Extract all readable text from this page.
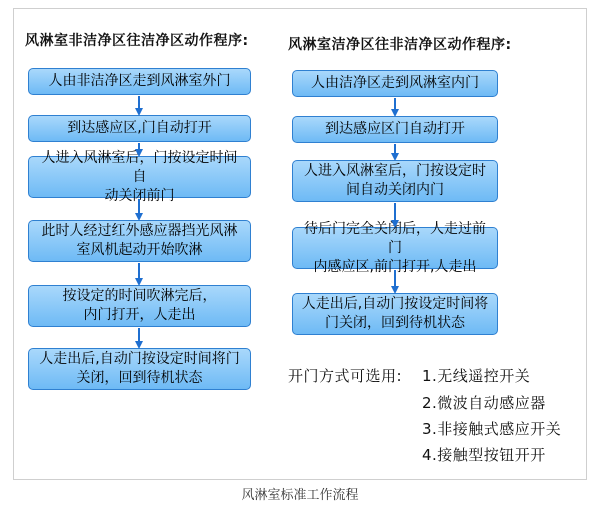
风淋室非洁净区往洁净区动作程序:	风淋室洁净区往非洁净区动作程序:
人由非洁净区走到风淋室外门
到达感应区,门自动打开
人进入风淋室后，门按设定时间自
动关闭前门
此时人经过红外感应器挡光风淋
室风机起动开始吹淋
按设定的时间吹淋完后，
内门打开，人走出
人走出后,自动门按设定时间将门
关闭，回到待机状态
人由洁净区走到风淋室内门
到达感应区门自动打开
人进入风淋室后，门按设定时
间自动关闭内门
待后门完全关闭后，人走过前门
内感应区,前门打开,人走出
人走出后,自动门按设定时间将
门关闭，回到待机状态
开门方式可选用: 1.无线遥控开关
2.微波自动感应器
3.非接触式感应开关
4.接触型按钮开开
风淋室标准工作流程
